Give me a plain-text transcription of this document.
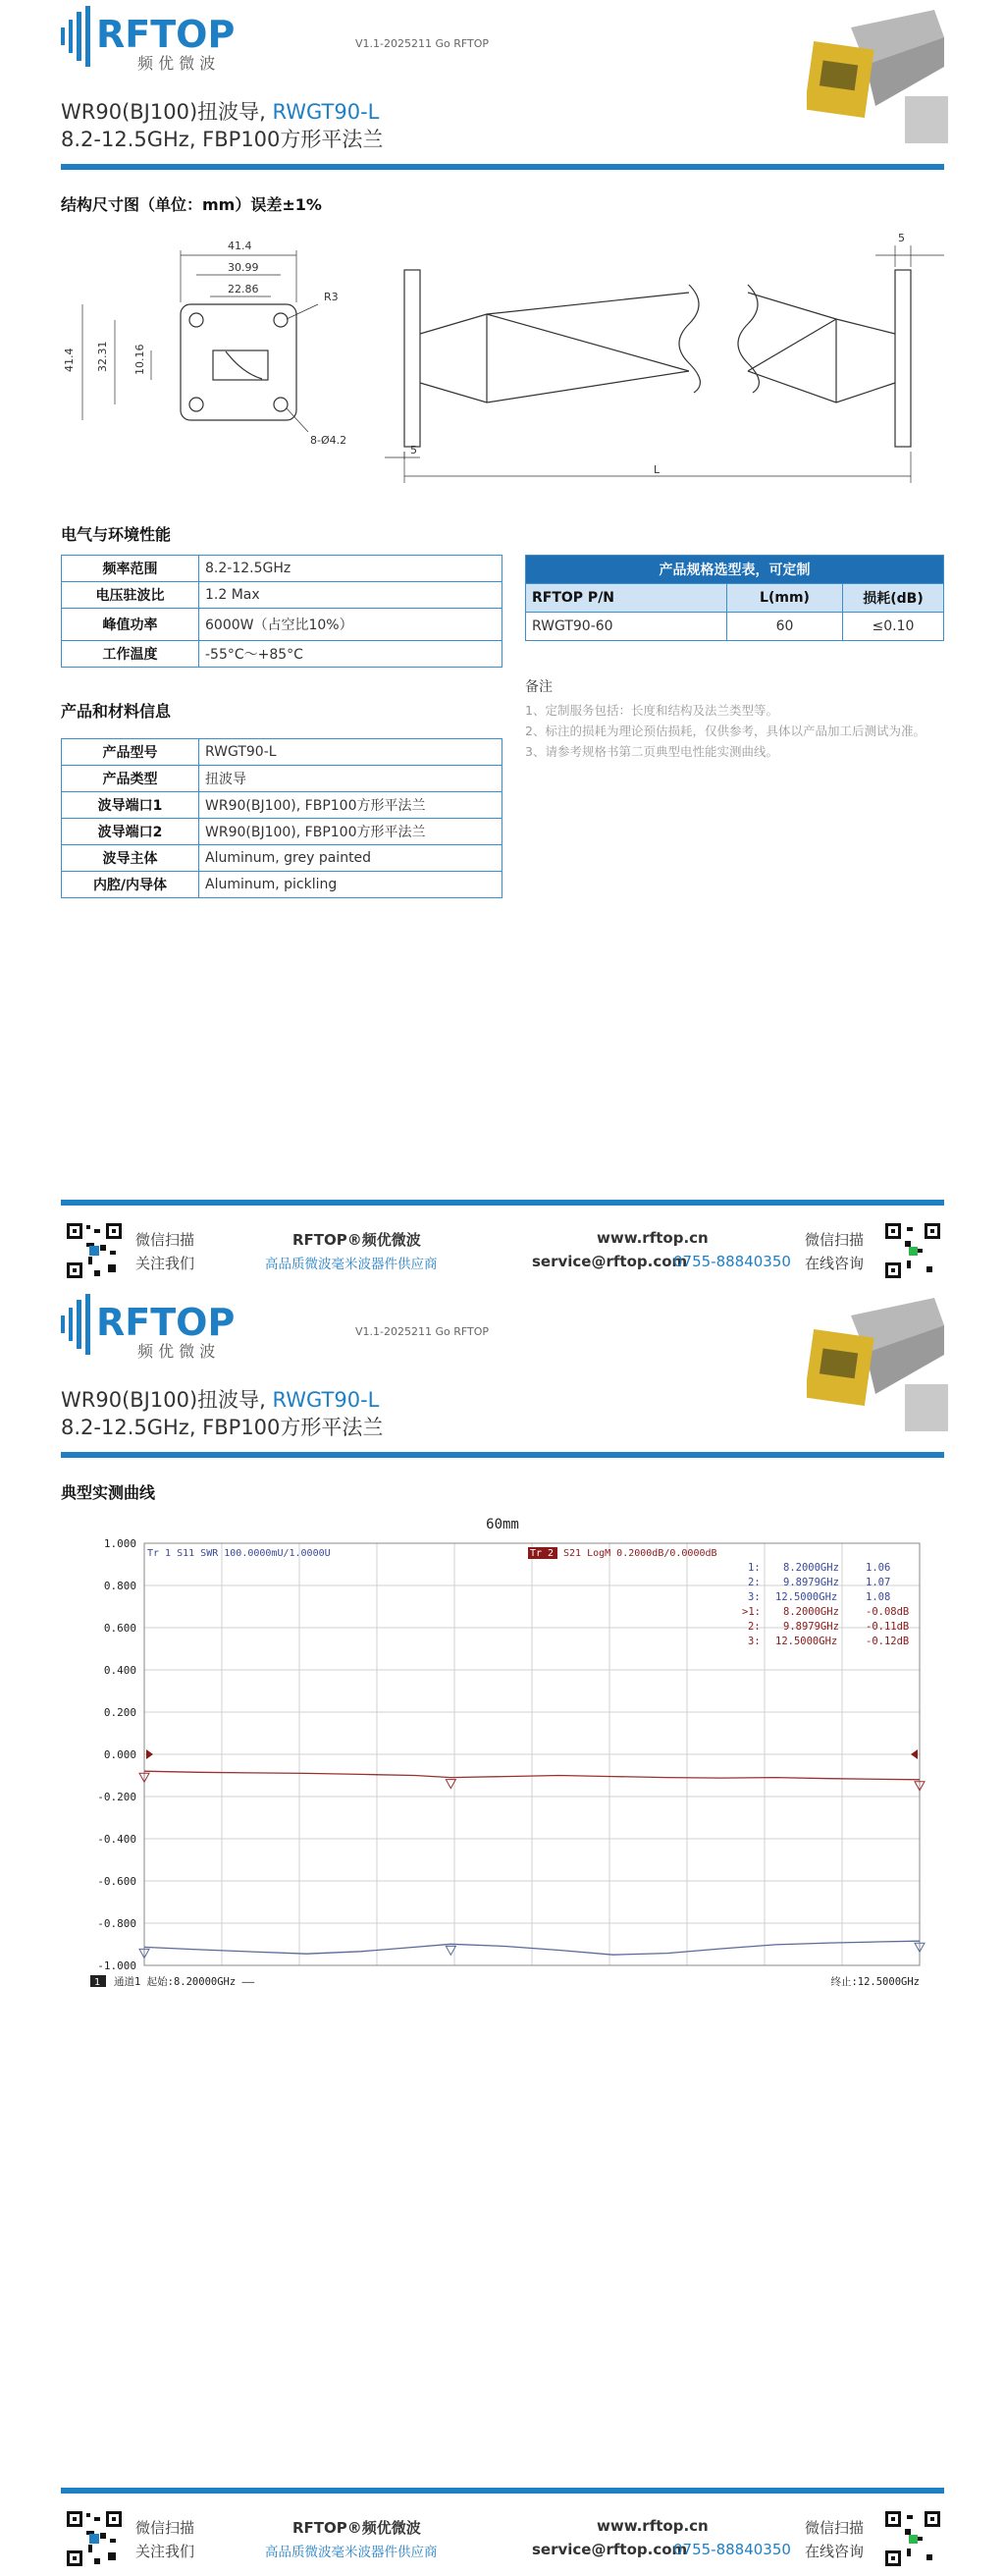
RFTOP
频 优 微 波
V1.1-2025211 Go RFTOP
WR90(BJ100)扭波导, RWGT90-L
8.2-12.5GHz, FBP100方形平法兰
结构尺寸图（单位：mm）误差±1%
41.4
30.99
22.86
R3
41.4 32.31 10.16
8-Ø4.2
5
5
L
电气与环境性能
频率范围	8.2-12.5GHz
电压驻波比	1.2 Max
峰值功率	6000W（占空比10%）
工作温度	-55°C～+85°C
产品和材料信息
产品型号	RWGT90-L
产品类型	扭波导
波导端口1	WR90(BJ100), FBP100方形平法兰
波导端口2	WR90(BJ100), FBP100方形平法兰
波导主体	Aluminum, grey painted
内腔/内导体	Aluminum, pickling
产品规格选型表，可定制		
RFTOP P/N	L(mm)	损耗(dB)
RWGT90-60	60	≤0.10
备注
1、定制服务包括：长度和结构及法兰类型等。
2、标注的损耗为理论预估损耗，仅供参考，具体以产品加工后测试为准。
3、请参考规格书第二页典型电性能实测曲线。
微信扫描
关注我们
RFTOP®频优微波
高品质微波毫米波器件供应商
www.rftop.cn
service@rftop.com
0755-88840350
微信扫描
在线咨询
RFTOP
频 优 微 波
V1.1-2025211 Go RFTOP
WR90(BJ100)扭波导, RWGT90-L
8.2-12.5GHz, FBP100方形平法兰
典型实测曲线
微信扫描
关注我们
RFTOP®频优微波
高品质微波毫米波器件供应商
www.rftop.cn
service@rftop.com
0755-88840350
微信扫描
在线咨询
60mm
1.000
0.800
0.600
0.400
0.200
0.000
-0.200
-0.400
-0.600
-0.800
-1.000
Tr 1 S11 SWR 100.0000mU/1.0000U	Tr 2 S21 LogM 0.2000dB/0.0000dB
1: 8.2000GHz	1.06
2: 9.8979GHz	1.07
3: 12.5000GHz	1.08
>1: 8.2000GHz	-0.08dB
2: 9.8979GHz	-0.11dB
3: 12.5000GHz	-0.12dB
1 通道1 起始:8.20000GHz ——	终止:12.5000GHz
